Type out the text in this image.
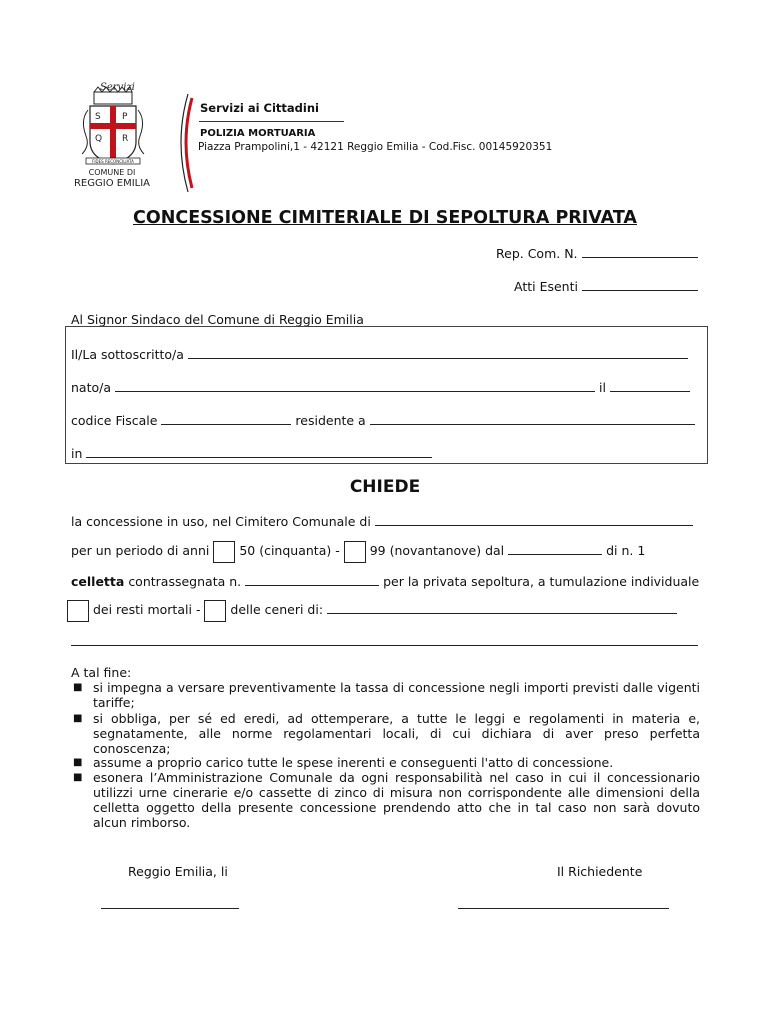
Servizi
S P
Q R
FIDES RECONCILIATA
COMUNE DI
REGGIO EMILIA
Servizi ai Cittadini
POLIZIA MORTUARIA
Piazza Prampolini,1 - 42121 Reggio Emilia - Cod.Fisc. 00145920351
CONCESSIONE CIMITERIALE DI SEPOLTURA PRIVATA
Rep. Com. N.
Atti Esenti
Al Signor Sindaco del Comune di Reggio Emilia
Il/La sottoscritto/a
nato/a	il
codice Fiscale	residente a
in
CHIEDE
la concessione in uso, nel Cimitero Comunale di
per un periodo di anni 50 (cinquanta) - 99 (novantanove) dal	di n. 1
celletta contrassegnata n.	per la privata sepoltura, a tumulazione individuale
dei resti mortali - delle ceneri di:
A tal fine:
■ si impegna a versare preventivamente la tassa di concessione negli importi previsti dalle vigenti tariffe;
■ si obbliga, per sé ed eredi, ad ottemperare, a tutte le leggi e regolamenti in materia e, segnatamente, alle norme regolamentari locali, di cui dichiara di aver preso perfetta conoscenza;
■ assume a proprio carico tutte le spese inerenti e conseguenti l'atto di concessione.
■ esonera l’Amministrazione Comunale da ogni responsabilità nel caso in cui il concessionario utilizzi urne cinerarie e/o cassette di zinco di misura non corrispondente alle dimensioni della celletta oggetto della presente concessione prendendo atto che in tal caso non sarà dovuto alcun rimborso.
Reggio Emilia, li	Il Richiedente
